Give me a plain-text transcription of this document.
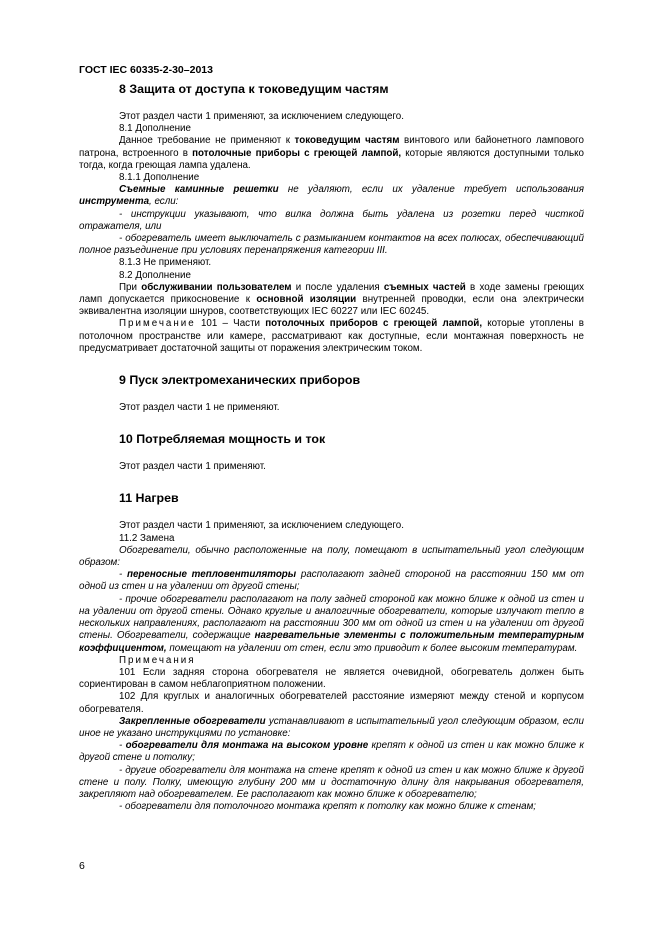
ГОСТ IEC 60335-2-30–2013
8 Защита от доступа к токоведущим частям

Этот раздел части 1 применяют, за исключением следующего.

8.1 Дополнение

Данное требование не применяют к токоведущим частям винтового или байонетного лампового патрона, встроенного в потолочные приборы с греющей лампой, которые являются доступными только тогда, когда греющая лампа удалена.

8.1.1 Дополнение

Съемные каминные решетки не удаляют, если их удаление требует использования инструмента, если:

- инструкции указывают, что вилка должна быть удалена из розетки перед чисткой отражателя, или

- обогреватель имеет выключатель с размыканием контактов на всех полюсах, обеспечивающий полное разъединение при условиях перенапряжения категории III.

8.1.3 Не применяют.

8.2 Дополнение

При обслуживании пользователем и после удаления съемных частей в ходе замены греющих ламп допускается прикосновение к основной изоляции внутренней проводки, если она электрически эквивалентна изоляции шнуров, соответствующих IEC 60227 или IEC 60245.

Примечание 101 – Части потолочных приборов с греющей лампой, которые утоплены в потолочном пространстве или камере, рассматривают как доступные, если монтажная поверхность не предусматривает достаточной защиты от поражения электрическим током.

9 Пуск электромеханических приборов

Этот раздел части 1 не применяют.

10 Потребляемая мощность и ток

Этот раздел части 1 применяют.

11 Нагрев

Этот раздел части 1 применяют, за исключением следующего.

11.2 Замена

Обогреватели, обычно расположенные на полу, помещают в испытательный угол следующим образом:

- переносные тепловентиляторы располагают задней стороной на расстоянии 150 мм от одной из стен и на удалении от другой стены;

- прочие обогреватели располагают на полу задней стороной как можно ближе к одной из стен и на удалении от другой стены. Однако круглые и аналогичные обогреватели, которые излучают тепло в нескольких направлениях, располагают на расстоянии 300 мм от одной из стен и на удалении от другой стены. Обогреватели, содержащие нагревательные элементы с положительным температурным коэффициентом, помещают на удалении от стен, если это приводит к более высоким температурам.

Примечания

101 Если задняя сторона обогревателя не является очевидной, обогреватель должен быть сориентирован в самом неблагоприятном положении.

102 Для круглых и аналогичных обогревателей расстояние измеряют между стеной и корпусом обогревателя.

Закрепленные обогреватели устанавливают в испытательный угол следующим образом, если иное не указано инструкциями по установке:

- обогреватели для монтажа на высоком уровне крепят к одной из стен и как можно ближе к другой стене и потолку;

- другие обогреватели для монтажа на стене крепят к одной из стен и как можно ближе к другой стене и полу. Полку, имеющую глубину 200 мм и достаточную длину для накрывания обогревателя, закрепляют над обогревателем. Ее располагают как можно ближе к обогревателю;

- обогреватели для потолочного монтажа крепят к потолку как можно ближе к стенам;

6
